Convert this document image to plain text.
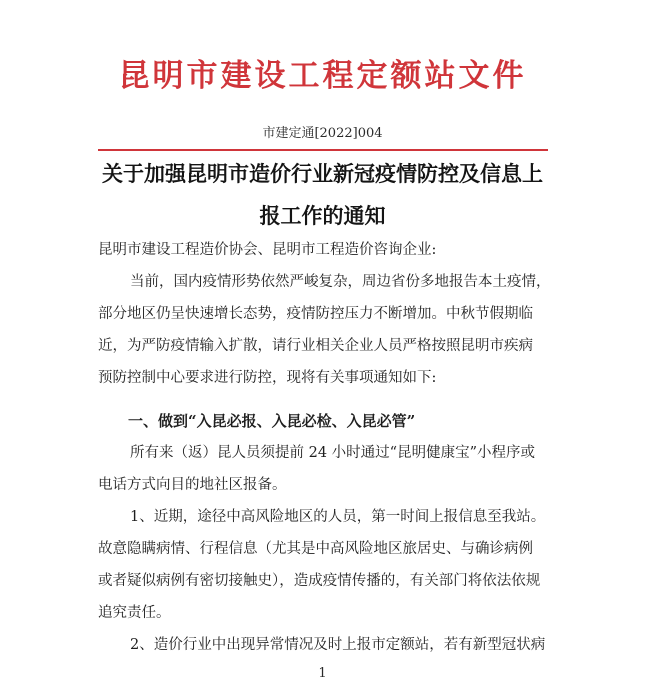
昆明市建设工程定额站文件
市建定通[2022]004
关于加强昆明市造价行业新冠疫情防控及信息上
报工作的通知
昆明市建设工程造价协会、昆明市工程造价咨询企业:
当前，国内疫情形势依然严峻复杂，周边省份多地报告本土疫情，
部分地区仍呈快速增长态势，疫情防控压力不断增加。中秋节假期临
近，为严防疫情输入扩散，请行业相关企业人员严格按照昆明市疾病
预防控制中心要求进行防控，现将有关事项通知如下:
一、做到“入昆必报、入昆必检、入昆必管”
所有来（返）昆人员须提前 24 小时通过“昆明健康宝”小程序或
电话方式向目的地社区报备。
1、近期，途径中高风险地区的人员，第一时间上报信息至我站。
故意隐瞒病情、行程信息（尤其是中高风险地区旅居史、与确诊病例
或者疑似病例有密切接触史），造成疫情传播的，有关部门将依法依规
追究责任。
2、造价行业中出现异常情况及时上报市定额站，若有新型冠状病
1
